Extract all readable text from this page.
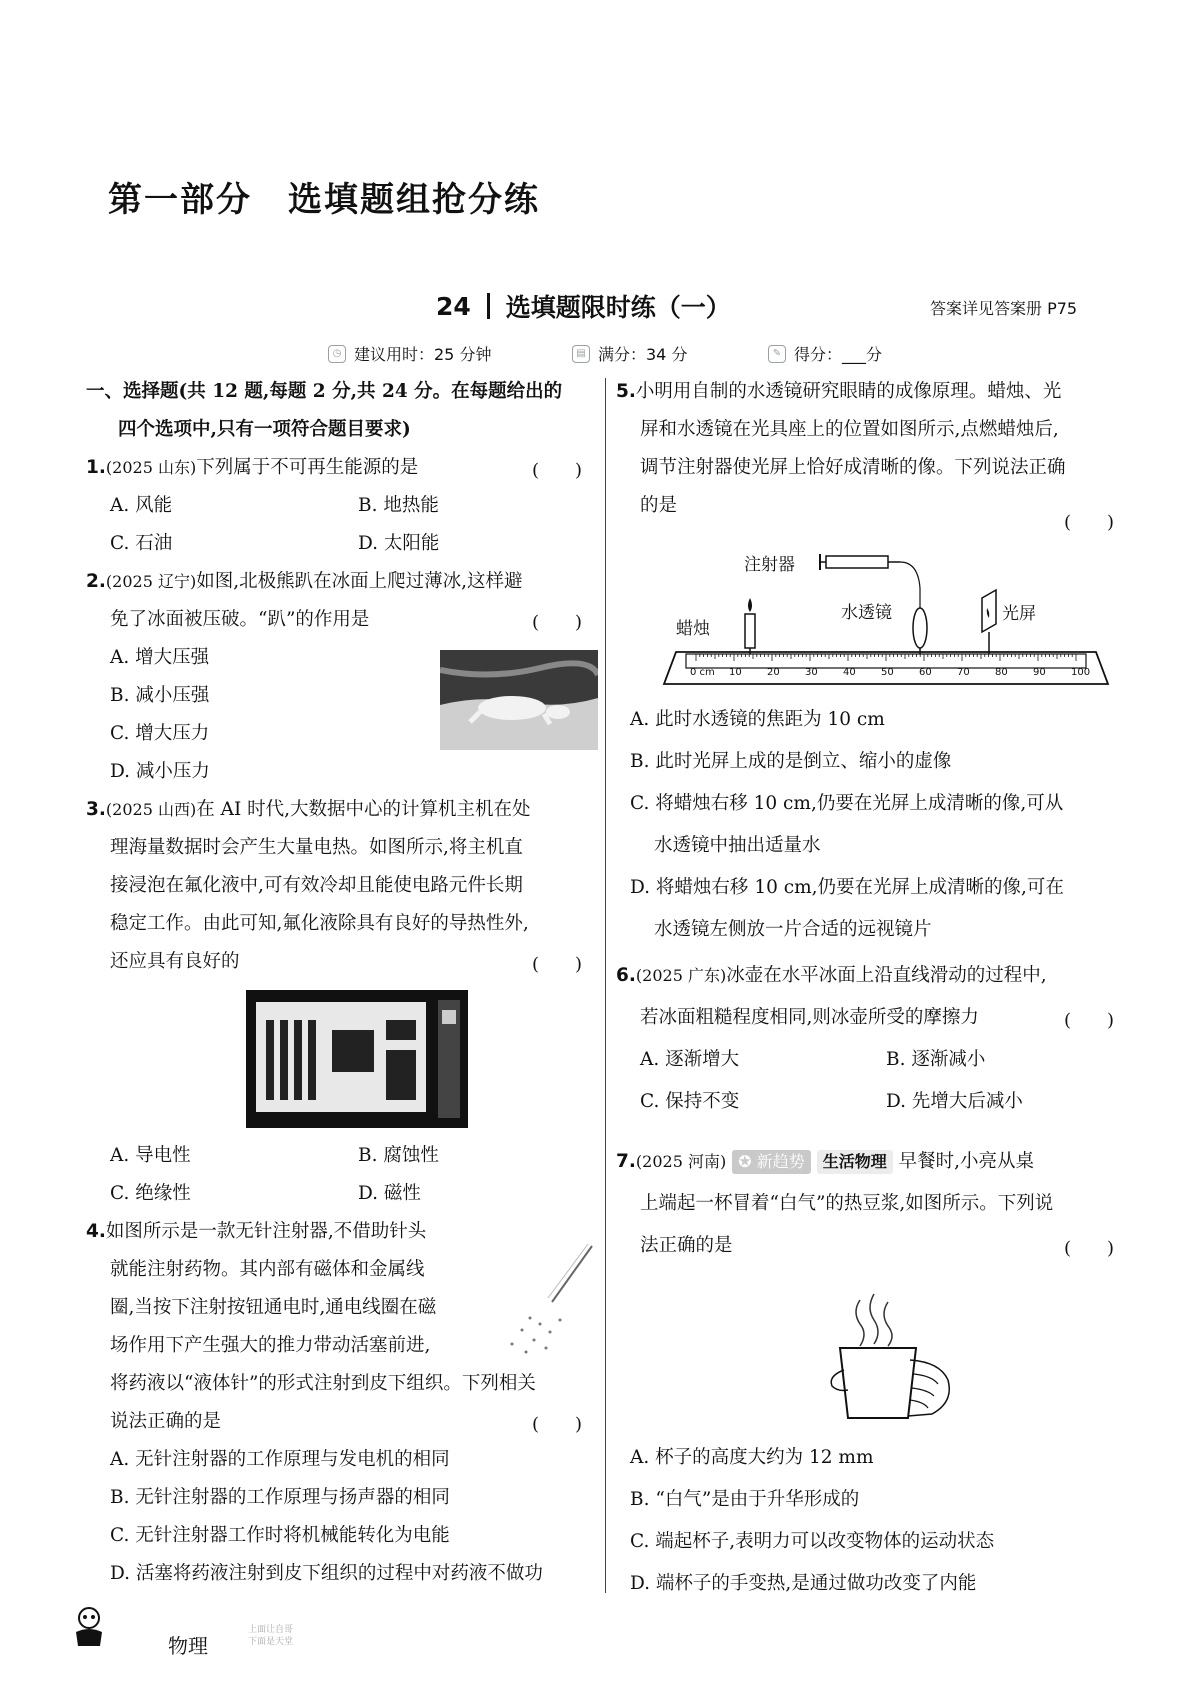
第一部分　选填题组抢分练
24 选填题限时练（一）	答案详见答案册 P75
◷ 建议用时：25 分钟	▤ 满分：34 分	✎ 得分：___分
一、选择题(共 12 题,每题 2 分,共 24 分。在每题给出的
四个选项中,只有一项符合题目要求)
1.(2025 山东)下列属于不可再生能源的是	(　　)
A. 风能	B. 地热能
C. 石油	D. 太阳能
2.(2025 辽宁)如图,北极熊趴在冰面上爬过薄冰,这样避
免了冰面被压破。“趴”的作用是	(　　)
A. 增大压强
B. 减小压强
C. 增大压力
D. 减小压力
3.(2025 山西)在 AI 时代,大数据中心的计算机主机在处
理海量数据时会产生大量电热。如图所示,将主机直
接浸泡在氟化液中,可有效冷却且能使电路元件长期
稳定工作。由此可知,氟化液除具有良好的导热性外,
还应具有良好的	(　　)
A. 导电性	B. 腐蚀性
C. 绝缘性	D. 磁性
4.如图所示是一款无针注射器,不借助针头
就能注射药物。其内部有磁体和金属线
圈,当按下注射按钮通电时,通电线圈在磁
场作用下产生强大的推力带动活塞前进,
将药液以“液体针”的形式注射到皮下组织。下列相关
说法正确的是	(　　)
A. 无针注射器的工作原理与发电机的相同
B. 无针注射器的工作原理与扬声器的相同
C. 无针注射器工作时将机械能转化为电能
D. 活塞将药液注射到皮下组织的过程中对药液不做功
5.小明用自制的水透镜研究眼睛的成像原理。蜡烛、光
屏和水透镜在光具座上的位置如图所示,点燃蜡烛后,
调节注射器使光屏上恰好成清晰的像。下列说法正确
的是
(　　)
注射器
水透镜
蜡烛
光屏
0 cm 10	20	30	40	50	60	70	80	90	100
A. 此时水透镜的焦距为 10 cm
B. 此时光屏上成的是倒立、缩小的虚像
C. 将蜡烛右移 10 cm,仍要在光屏上成清晰的像,可从
水透镜中抽出适量水
D. 将蜡烛右移 10 cm,仍要在光屏上成清晰的像,可在
水透镜左侧放一片合适的远视镜片
6.(2025 广东)冰壶在水平冰面上沿直线滑动的过程中,
若冰面粗糙程度相同,则冰壶所受的摩擦力	(　　)
A. 逐渐增大	B. 逐渐减小
C. 保持不变	D. 先增大后减小
7.(2025 河南) ✪ 新趋势 生活物理 早餐时,小亮从桌
上端起一杯冒着“白气”的热豆浆,如图所示。下列说
法正确的是	(　　)
A. 杯子的高度大约为 12 mm
B. “白气”是由于升华形成的
C. 端起杯子,表明力可以改变物体的运动状态
D. 端杯子的手变热,是通过做功改变了内能
物理
上面让自哥
下面是天堂
